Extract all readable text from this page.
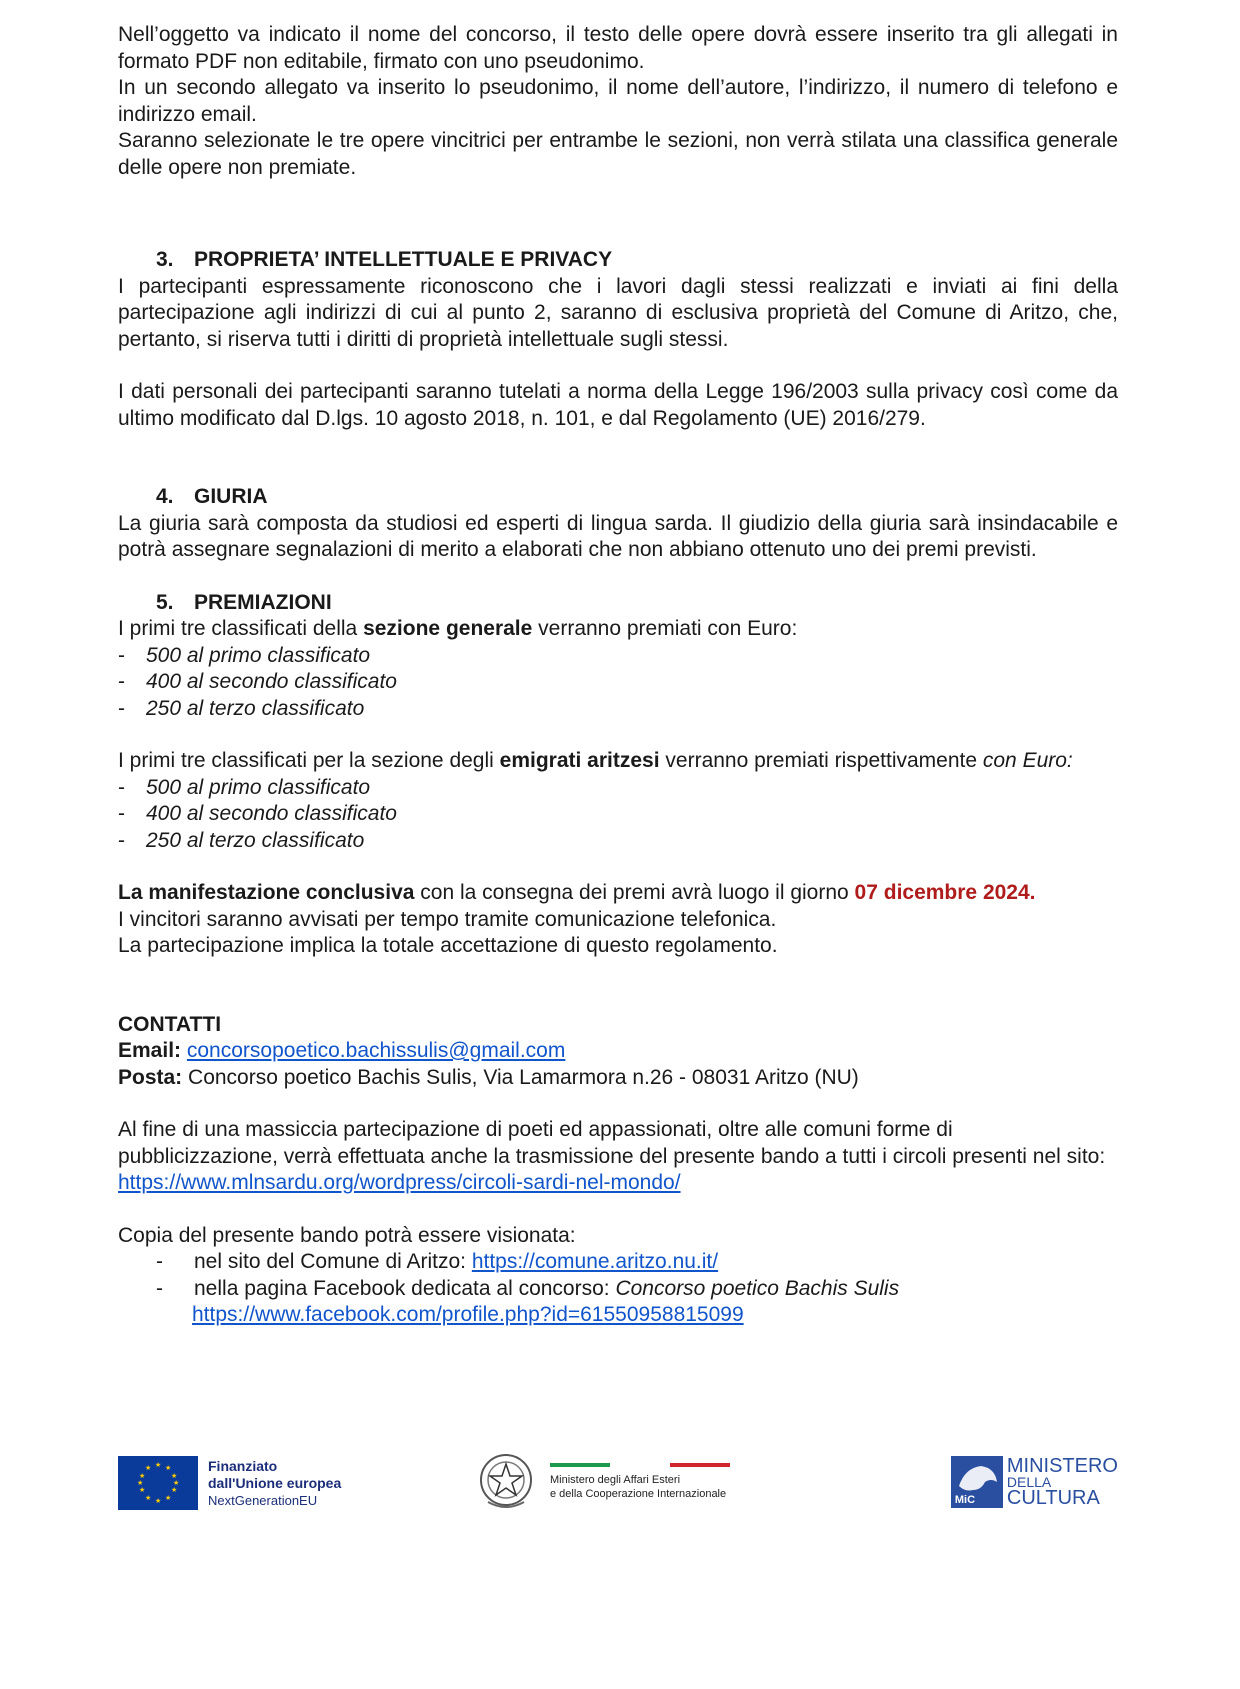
Nell’oggetto va indicato il nome del concorso, il testo delle opere dovrà essere inserito tra gli allegati in formato PDF non editabile, firmato con uno pseudonimo.

In un secondo allegato va inserito lo pseudonimo, il nome dell’autore, l’indirizzo, il numero di telefono e indirizzo email.

Saranno selezionate le tre opere vincitrici per entrambe le sezioni, non verrà stilata una classifica generale delle opere non premiate.

3. PROPRIETA’ INTELLETTUALE E PRIVACY

I partecipanti espressamente riconoscono che i lavori dagli stessi realizzati e inviati ai fini della partecipazione agli indirizzi di cui al punto 2, saranno di esclusiva proprietà del Comune di Aritzo, che, pertanto, si riserva tutti i diritti di proprietà intellettuale sugli stessi.

I dati personali dei partecipanti saranno tutelati a norma della Legge 196/2003 sulla privacy così come da ultimo modificato dal D.lgs. 10 agosto 2018, n. 101, e dal Regolamento (UE) 2016/279.

4. GIURIA

La giuria sarà composta da studiosi ed esperti di lingua sarda. Il giudizio della giuria sarà insindacabile e potrà assegnare segnalazioni di merito a elaborati che non abbiano ottenuto uno dei premi previsti.

5. PREMIAZIONI

I primi tre classificati della sezione generale verranno premiati con Euro:

-	500 al primo classificato
-	400 al secondo classificato
-	250 al terzo classificato

I primi tre classificati per la sezione degli emigrati aritzesi verranno premiati rispettivamente con Euro:

-	500 al primo classificato
-	400 al secondo classificato
-	250 al terzo classificato

La manifestazione conclusiva con la consegna dei premi avrà luogo il giorno 07 dicembre 2024.

I vincitori saranno avvisati per tempo tramite comunicazione telefonica.

La partecipazione implica la totale accettazione di questo regolamento.

CONTATTI

Email: concorsopoetico.bachissulis@gmail.com

Posta: Concorso poetico Bachis Sulis, Via Lamarmora n.26 - 08031 Aritzo (NU)

Al fine di una massiccia partecipazione di poeti ed appassionati, oltre alle comuni forme di pubblicizzazione, verrà effettuata anche la trasmissione del presente bando a tutti i circoli presenti nel sito: https://www.mlnsardu.org/wordpress/circoli-sardi-nel-mondo/

Copia del presente bando potrà essere visionata:

-	nel sito del Comune di Aritzo: https://comune.aritzo.nu.it/
-	nella pagina Facebook dedicata al concorso: Concorso poetico Bachis Sulis

https://www.facebook.com/profile.php?id=61550958815099

★ ★
★
★
★
★
★
★
★
★
★
★	Finanziato
dall'Unione europea
NextGenerationEU
Ministero degli Affari Esteri
e della Cooperazione Internazionale	MiC
MINISTERO
DELLA
CULTURA
